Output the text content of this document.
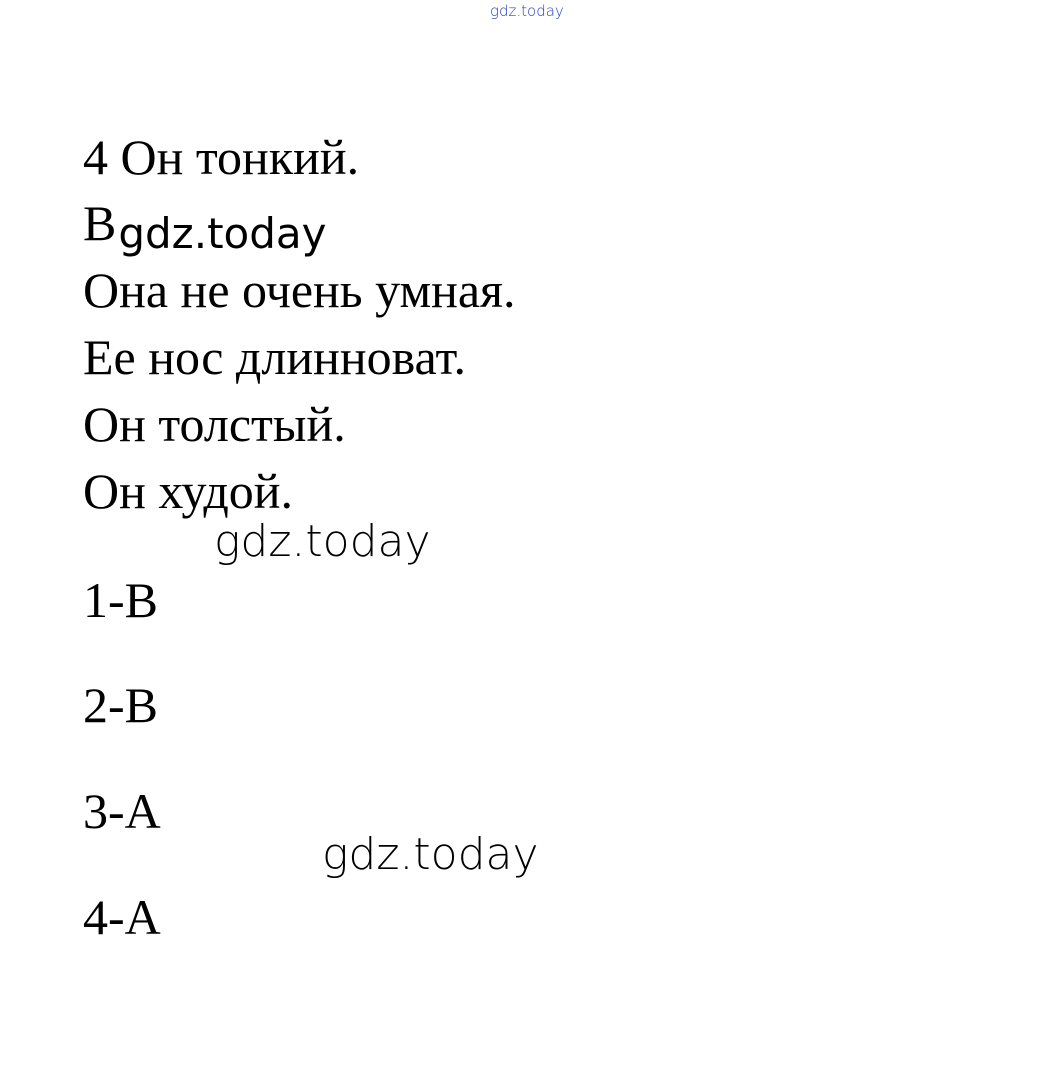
gdz.today
4 Он тонкий.
Bgdz.today
Она не очень умная.
Ее нос длинноват.
Он толстый.
Он худой.
gdz.today
1-B
2-B
3-A
gdz.today
4-A
